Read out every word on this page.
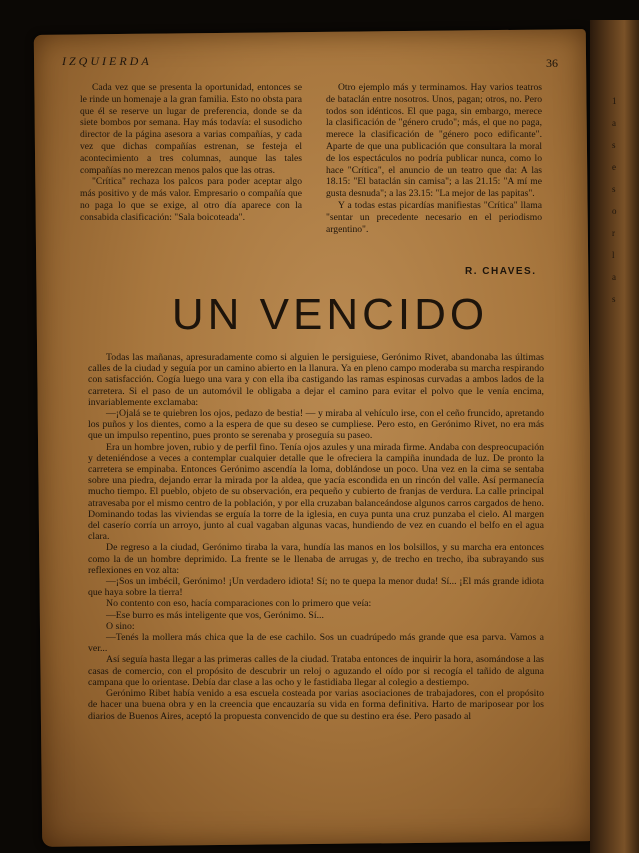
1
a
s
e
s
o
r
l
a
s
IZQUIERDA	36

Cada vez que se presenta la oportunidad, entonces se le rinde un homenaje a la gran familia. Esto no obsta para que él se reserve un lugar de preferencia, donde se da siete bombos por semana. Hay más todavía: el susodicho director de la página asesora a varias compañías, y cada vez que dichas compañías estrenan, se festeja el acontecimiento a tres columnas, aunque las tales compañías no merezcan menos palos que las otras.

"Crítica" rechaza los palcos para poder aceptar algo más positivo y de más valor. Empresario o compañía que no paga lo que se exige, al otro día aparece con la consabida clasificación: "Sala boicoteada".

Otro ejemplo más y terminamos. Hay varios teatros de bataclán entre nosotros. Unos, pagan; otros, no. Pero todos son idénticos. El que paga, sin embargo, merece la clasificación de "género crudo"; más, el que no paga, merece la clasificación de "género poco edificante". Aparte de que una publicación que consultara la moral de los espectáculos no podría publicar nunca, como lo hace "Crítica", el anuncio de un teatro que da: A las 18.15: "El bataclán sin camisa"; a las 21.15: "A mí me gusta desnuda"; a las 23.15: "La mejor de las papitas".

Y a todas estas picardías manifiestas "Crítica" llama "sentar un precedente necesario en el periodismo argentino".

R. CHAVES.
UN VENCIDO

Todas las mañanas, apresuradamente como si alguien le persiguiese, Gerónimo Rivet, abandonaba las últimas calles de la ciudad y seguía por un camino abierto en la llanura. Ya en pleno campo moderaba su marcha respirando con satisfacción. Cogía luego una vara y con ella iba castigando las ramas espinosas curvadas a ambos lados de la carretera. Si el paso de un automóvil le obligaba a dejar el camino para evitar el polvo que le venía encima, invariablemente exclamaba:

—¡Ojalá se te quiebren los ojos, pedazo de bestia! — y miraba al vehículo irse, con el ceño fruncido, apretando los puños y los dientes, como a la espera de que su deseo se cumpliese. Pero esto, en Gerónimo Rivet, no era más que un impulso repentino, pues pronto se serenaba y proseguía su paseo.

Era un hombre joven, rubio y de perfil fino. Tenía ojos azules y una mirada firme. Andaba con despreocupación y deteniéndose a veces a contemplar cualquier detalle que le ofreciera la campiña inundada de luz. De pronto la carretera se empinaba. Entonces Gerónimo ascendía la loma, doblándose un poco. Una vez en la cima se sentaba sobre una piedra, dejando errar la mirada por la aldea, que yacía escondida en un rincón del valle. Así permanecía mucho tiempo. El pueblo, objeto de su observación, era pequeño y cubierto de franjas de verdura. La calle principal atravesaba por el mismo centro de la población, y por ella cruzaban balanceándose algunos carros cargados de heno. Dominando todas las viviendas se erguía la torre de la iglesia, en cuya punta una cruz punzaba el cielo. Al margen del caserío corría un arroyo, junto al cual vagaban algunas vacas, hundiendo de vez en cuando el belfo en el agua clara.

De regreso a la ciudad, Gerónimo tiraba la vara, hundía las manos en los bolsillos, y su marcha era entonces como la de un hombre deprimido. La frente se le llenaba de arrugas y, de trecho en trecho, iba subrayando sus reflexiones en voz alta:

—¡Sos un imbécil, Gerónimo! ¡Un verdadero idiota! Sí; no te quepa la menor duda! Sí... ¡El más grande idiota que haya sobre la tierra!

No contento con eso, hacía comparaciones con lo primero que veía:

—Ese burro es más inteligente que vos, Gerónimo. Sí...

O sino:

—Tenés la mollera más chica que la de ese cachilo. Sos un cuadrúpedo más grande que esa parva. Vamos a ver...

Así seguía hasta llegar a las primeras calles de la ciudad. Trataba entonces de inquirir la hora, asomándose a las casas de comercio, con el propósito de descubrir un reloj o aguzando el oído por si recogía el tañido de alguna campana que lo orientase. Debía dar clase a las ocho y le fastidiaba llegar al colegio a destiempo.

Gerónimo Ribet había venido a esa escuela costeada por varias asociaciones de trabajadores, con el propósito de hacer una buena obra y en la creencia que encauzaría su vida en forma definitiva. Harto de mariposear por los diarios de Buenos Aires, aceptó la propuesta convencido de que su destino era ése. Pero pasado al
